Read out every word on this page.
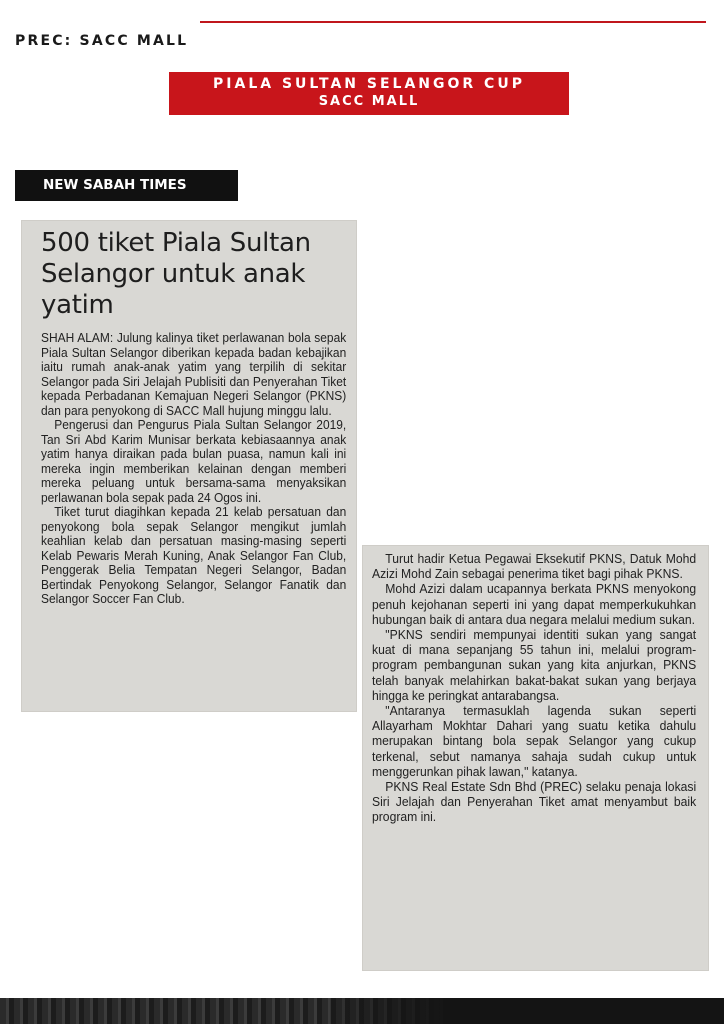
PREC: SACC MALL
PIALA SULTAN SELANGOR CUP
SACC MALL
NEW SABAH TIMES
500 tiket Piala Sultan Selangor untuk anak yatim

SHAH ALAM: Julung kalinya tiket perlawanan bola sepak Piala Sultan Selangor diberikan kepada badan kebajikan iaitu rumah anak-anak yatim yang terpilih di sekitar Selangor pada Siri Jelajah Publisiti dan Penyerahan Tiket kepada Perbadanan Kemajuan Negeri Selangor (PKNS) dan para penyokong di SACC Mall hujung minggu lalu.

Pengerusi dan Pengurus Piala Sultan Selangor 2019, Tan Sri Abd Karim Munisar berkata kebiasaannya anak yatim hanya diraikan pada bulan puasa, namun kali ini mereka ingin memberikan kelainan dengan memberi mereka peluang untuk bersama-sama menyaksikan perlawanan bola sepak pada 24 Ogos ini.

Tiket turut diagihkan kepada 21 kelab persatuan dan penyokong bola sepak Selangor mengikut jumlah keahlian kelab dan persatuan masing-masing seperti Kelab Pewaris Merah Kuning, Anak Selangor Fan Club, Penggerak Belia Tempatan Negeri Selangor, Badan Bertindak Penyokong Selangor, Selangor Fanatik dan Selangor Soccer Fan Club.

Turut hadir Ketua Pegawai Eksekutif PKNS, Datuk Mohd Azizi Mohd Zain sebagai penerima tiket bagi pihak PKNS.

Mohd Azizi dalam ucapannya berkata PKNS menyokong penuh kejohanan seperti ini yang dapat memperkukuhkan hubungan baik di antara dua negara melalui medium sukan.

"PKNS sendiri mempunyai identiti sukan yang sangat kuat di mana sepanjang 55 tahun ini, melalui program-program pembangunan sukan yang kita anjurkan, PKNS telah banyak melahirkan bakat-bakat sukan yang berjaya hingga ke peringkat antarabangsa.

"Antaranya termasuklah lagenda sukan seperti Allayarham Mokhtar Dahari yang suatu ketika dahulu merupakan bintang bola sepak Selangor yang cukup terkenal, sebut namanya sahaja sudah cukup untuk menggerunkan pihak lawan," katanya.

PKNS Real Estate Sdn Bhd (PREC) selaku penaja lokasi Siri Jelajah dan Penyerahan Tiket amat menyambut baik program ini.
